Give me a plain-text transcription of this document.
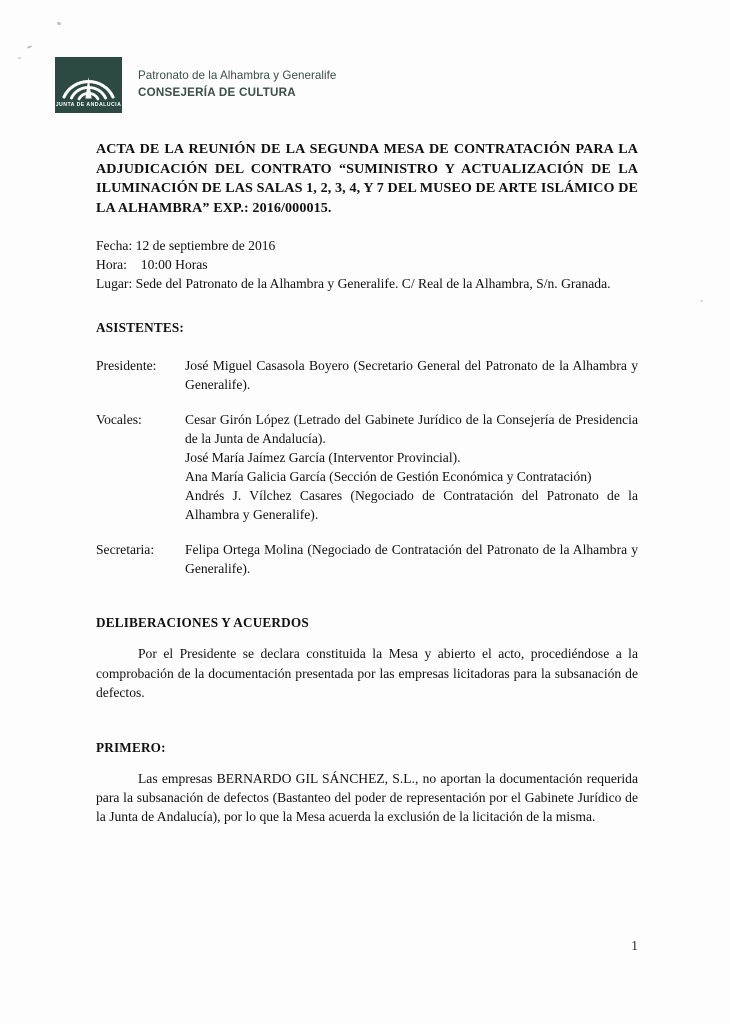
JUNTA DE ANDALUCIA
Patronato de la Alhambra y Generalife
CONSEJERÍA DE CULTURA

ACTA DE LA REUNIÓN DE LA SEGUNDA MESA DE CONTRATACIÓN PARA LA ADJUDICACIÓN DEL CONTRATO “SUMINISTRO Y ACTUALIZACIÓN DE LA ILUMINACIÓN DE LAS SALAS 1, 2, 3, 4, Y 7 DEL MUSEO DE ARTE ISLÁMICO DE LA ALHAMBRA” EXP.: 2016/000015.

Fecha: 12 de septiembre de 2016
Hora: 10:00 Horas
Lugar: Sede del Patronato de la Alhambra y Generalife. C/ Real de la Alhambra, S/n. Granada.

ASISTENTES:

Presidente:	José Miguel Casasola Boyero (Secretario General del Patronato de la Alhambra y Generalife).

Vocales:	Cesar Girón López (Letrado del Gabinete Jurídico de la Consejería de Presidencia de la Junta de Andalucía).

José María Jaímez García (Interventor Provincial).

Ana María Galicia García (Sección de Gestión Económica y Contratación)

Andrés J. Vílchez Casares (Negociado de Contratación del Patronato de la Alhambra y Generalife).

Secretaria:	Felipa Ortega Molina (Negociado de Contratación del Patronato de la Alhambra y Generalife).

DELIBERACIONES Y ACUERDOS

Por el Presidente se declara constituida la Mesa y abierto el acto, procediéndose a la comprobación de la documentación presentada por las empresas licitadoras para la subsanación de defectos.

PRIMERO:

Las empresas BERNARDO GIL SÁNCHEZ, S.L., no aportan la documentación requerida para la subsanación de defectos (Bastanteo del poder de representación por el Gabinete Jurídico de la Junta de Andalucía), por lo que la Mesa acuerda la exclusión de la licitación de la misma.

1
